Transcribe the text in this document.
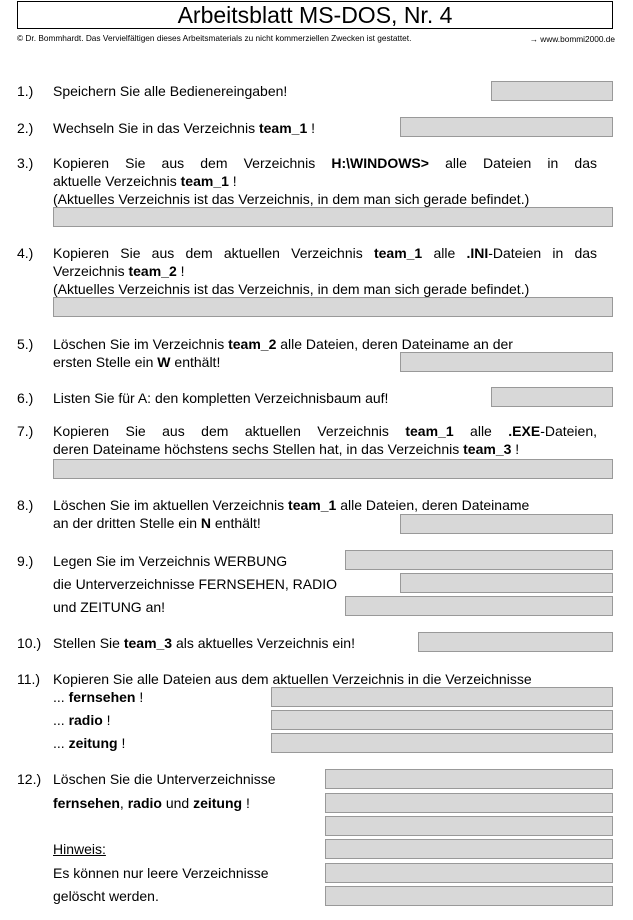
Arbeitsblatt MS-DOS, Nr. 4
© Dr. Bommhardt. Das Vervielfältigen dieses Arbeitsmaterials zu nicht kommerziellen Zwecken ist gestattet.	→ www.bommi2000.de
1.) Speichern Sie alle Bedienereingaben!
2.) Wechseln Sie in das Verzeichnis team_1 !
3.) Kopieren Sie aus dem Verzeichnis H:\WINDOWS> alle Dateien in das
aktuelle Verzeichnis team_1 !
(Aktuelles Verzeichnis ist das Verzeichnis, in dem man sich gerade befindet.)
4.) Kopieren Sie aus dem aktuellen Verzeichnis team_1 alle .INI-Dateien in das
Verzeichnis team_2 !
(Aktuelles Verzeichnis ist das Verzeichnis, in dem man sich gerade befindet.)
5.) Löschen Sie im Verzeichnis team_2 alle Dateien, deren Dateiname an der
ersten Stelle ein W enthält!
6.) Listen Sie für A: den kompletten Verzeichnisbaum auf!
7.) Kopieren Sie aus dem aktuellen Verzeichnis team_1 alle .EXE-Dateien,
deren Dateiname höchstens sechs Stellen hat, in das Verzeichnis team_3 !
8.) Löschen Sie im aktuellen Verzeichnis team_1 alle Dateien, deren Dateiname
an der dritten Stelle ein N enthält!
9.) Legen Sie im Verzeichnis WERBUNG
die Unterverzeichnisse FERNSEHEN, RADIO
und ZEITUNG an!
10.) Stellen Sie team_3 als aktuelles Verzeichnis ein!
11.) Kopieren Sie alle Dateien aus dem aktuellen Verzeichnis in die Verzeichnisse
... fernsehen !
... radio !
... zeitung !
12.) Löschen Sie die Unterverzeichnisse
fernsehen, radio und zeitung !
Hinweis:
Es können nur leere Verzeichnisse
gelöscht werden.
